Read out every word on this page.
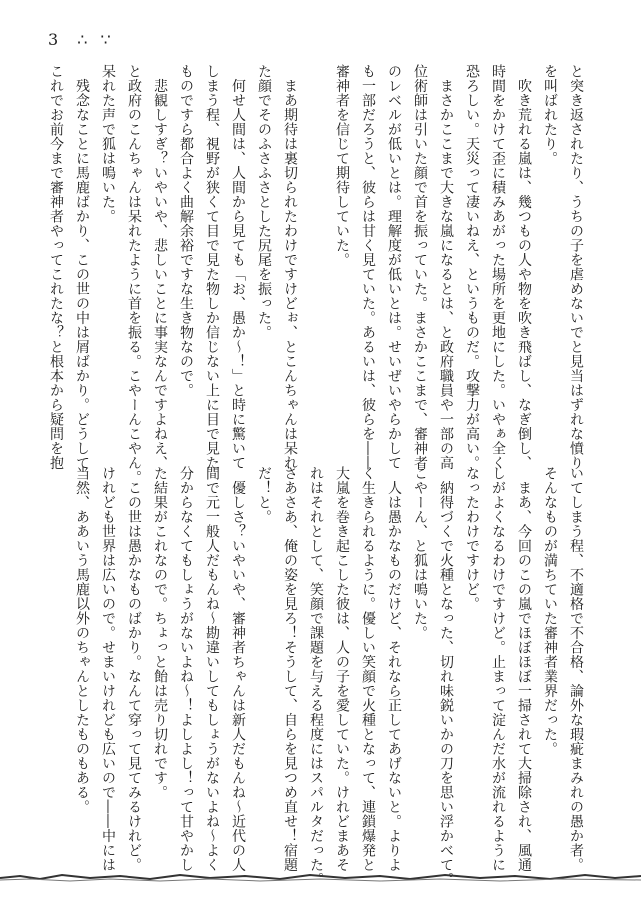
3 ∴ ∵

と突き返されたり、うちの子を虐めないでと見当はずれな憤り

を叫ばれたり。

　吹き荒れる嵐は、幾つもの人や物を吹き飛ばし、なぎ倒し、

時間をかけて歪に積みあがった場所を更地にした。いやぁ全く

恐ろしい。天災って凄いねえ、というものだ。攻撃力が高い。

　まさかここまで大きな嵐になるとは、と政府職員や一部の高

位術師は引いた顔で首を振っていた。まさかここまで、審神者

のレベルが低いとは。理解度が低いとは。せいぜいやらかして

も一部だろうと、彼らは甘く見ていた。あるいは、彼らを――

審神者を信じて期待していた。

　まあ期待は裏切られたわけですけどぉ、とこんちゃんは呆れ

た顔でそのふさふさとした尻尾を振った。

　何せ人間は、人間から見ても「お、愚か～！」と時に驚いて

しまう程、視野が狭くて目で見た物しか信じない上に目で見た

ものですら都合よく曲解余裕ですな生き物なので。

　悲観しすぎ？いやいや、悲しいことに事実なんですよねえ、

と政府のこんちゃんは呆れたように首を振る。こやーんこやん。

呆れた声で狐は鳴いた。

　残念なことに馬鹿ばかり、この世の中は屑ばかり。どうして

これでお前今まで審神者やってこれたな？と根本から疑問を抱

いてしまう程、不適格で不合格、論外な瑕疵まみれの愚か者。

そんなものが満ちていた審神者業界だった。

　まあ、今回のこの嵐でほぼほぼ一掃されて大掃除され、風通

しがよくなるわけですけど。止まって淀んだ水が流れるように

なったわけですけど。

　納得づくで火種となった、切れ味鋭いかの刀を思い浮かべて。

こやーん、と狐は鳴いた。

　人は愚かなものだけど、それなら正してあげないと。よりよ

く生きられるように。優しい笑顔で火種となって、連鎖爆発と

大嵐を巻き起こした彼は、人の子を愛していた。けれどまあそ

れはそれとして、笑顔で課題を与える程度にはスパルタだった。

さあさあ、俺の姿を見ろ！そうして、自らを見つめ直せ！宿題

だ！と。

　優しさ？いやいや、審神者ちゃんは新人だもんね～近代の人

間で元一般人だもんね～勘違いしてもしょうがないよね～よく

分からなくてもしょうがないよね～！よしよし！って甘やかし

た結果がこれなので。ちょっと飴は売り切れです。

　この世は愚かなものばかり。なんて穿って見てみるけれど。

けれども世界は広いので。せまいけれども広いので――中には

当然、ああいう馬鹿以外のちゃんとしたものもある。
